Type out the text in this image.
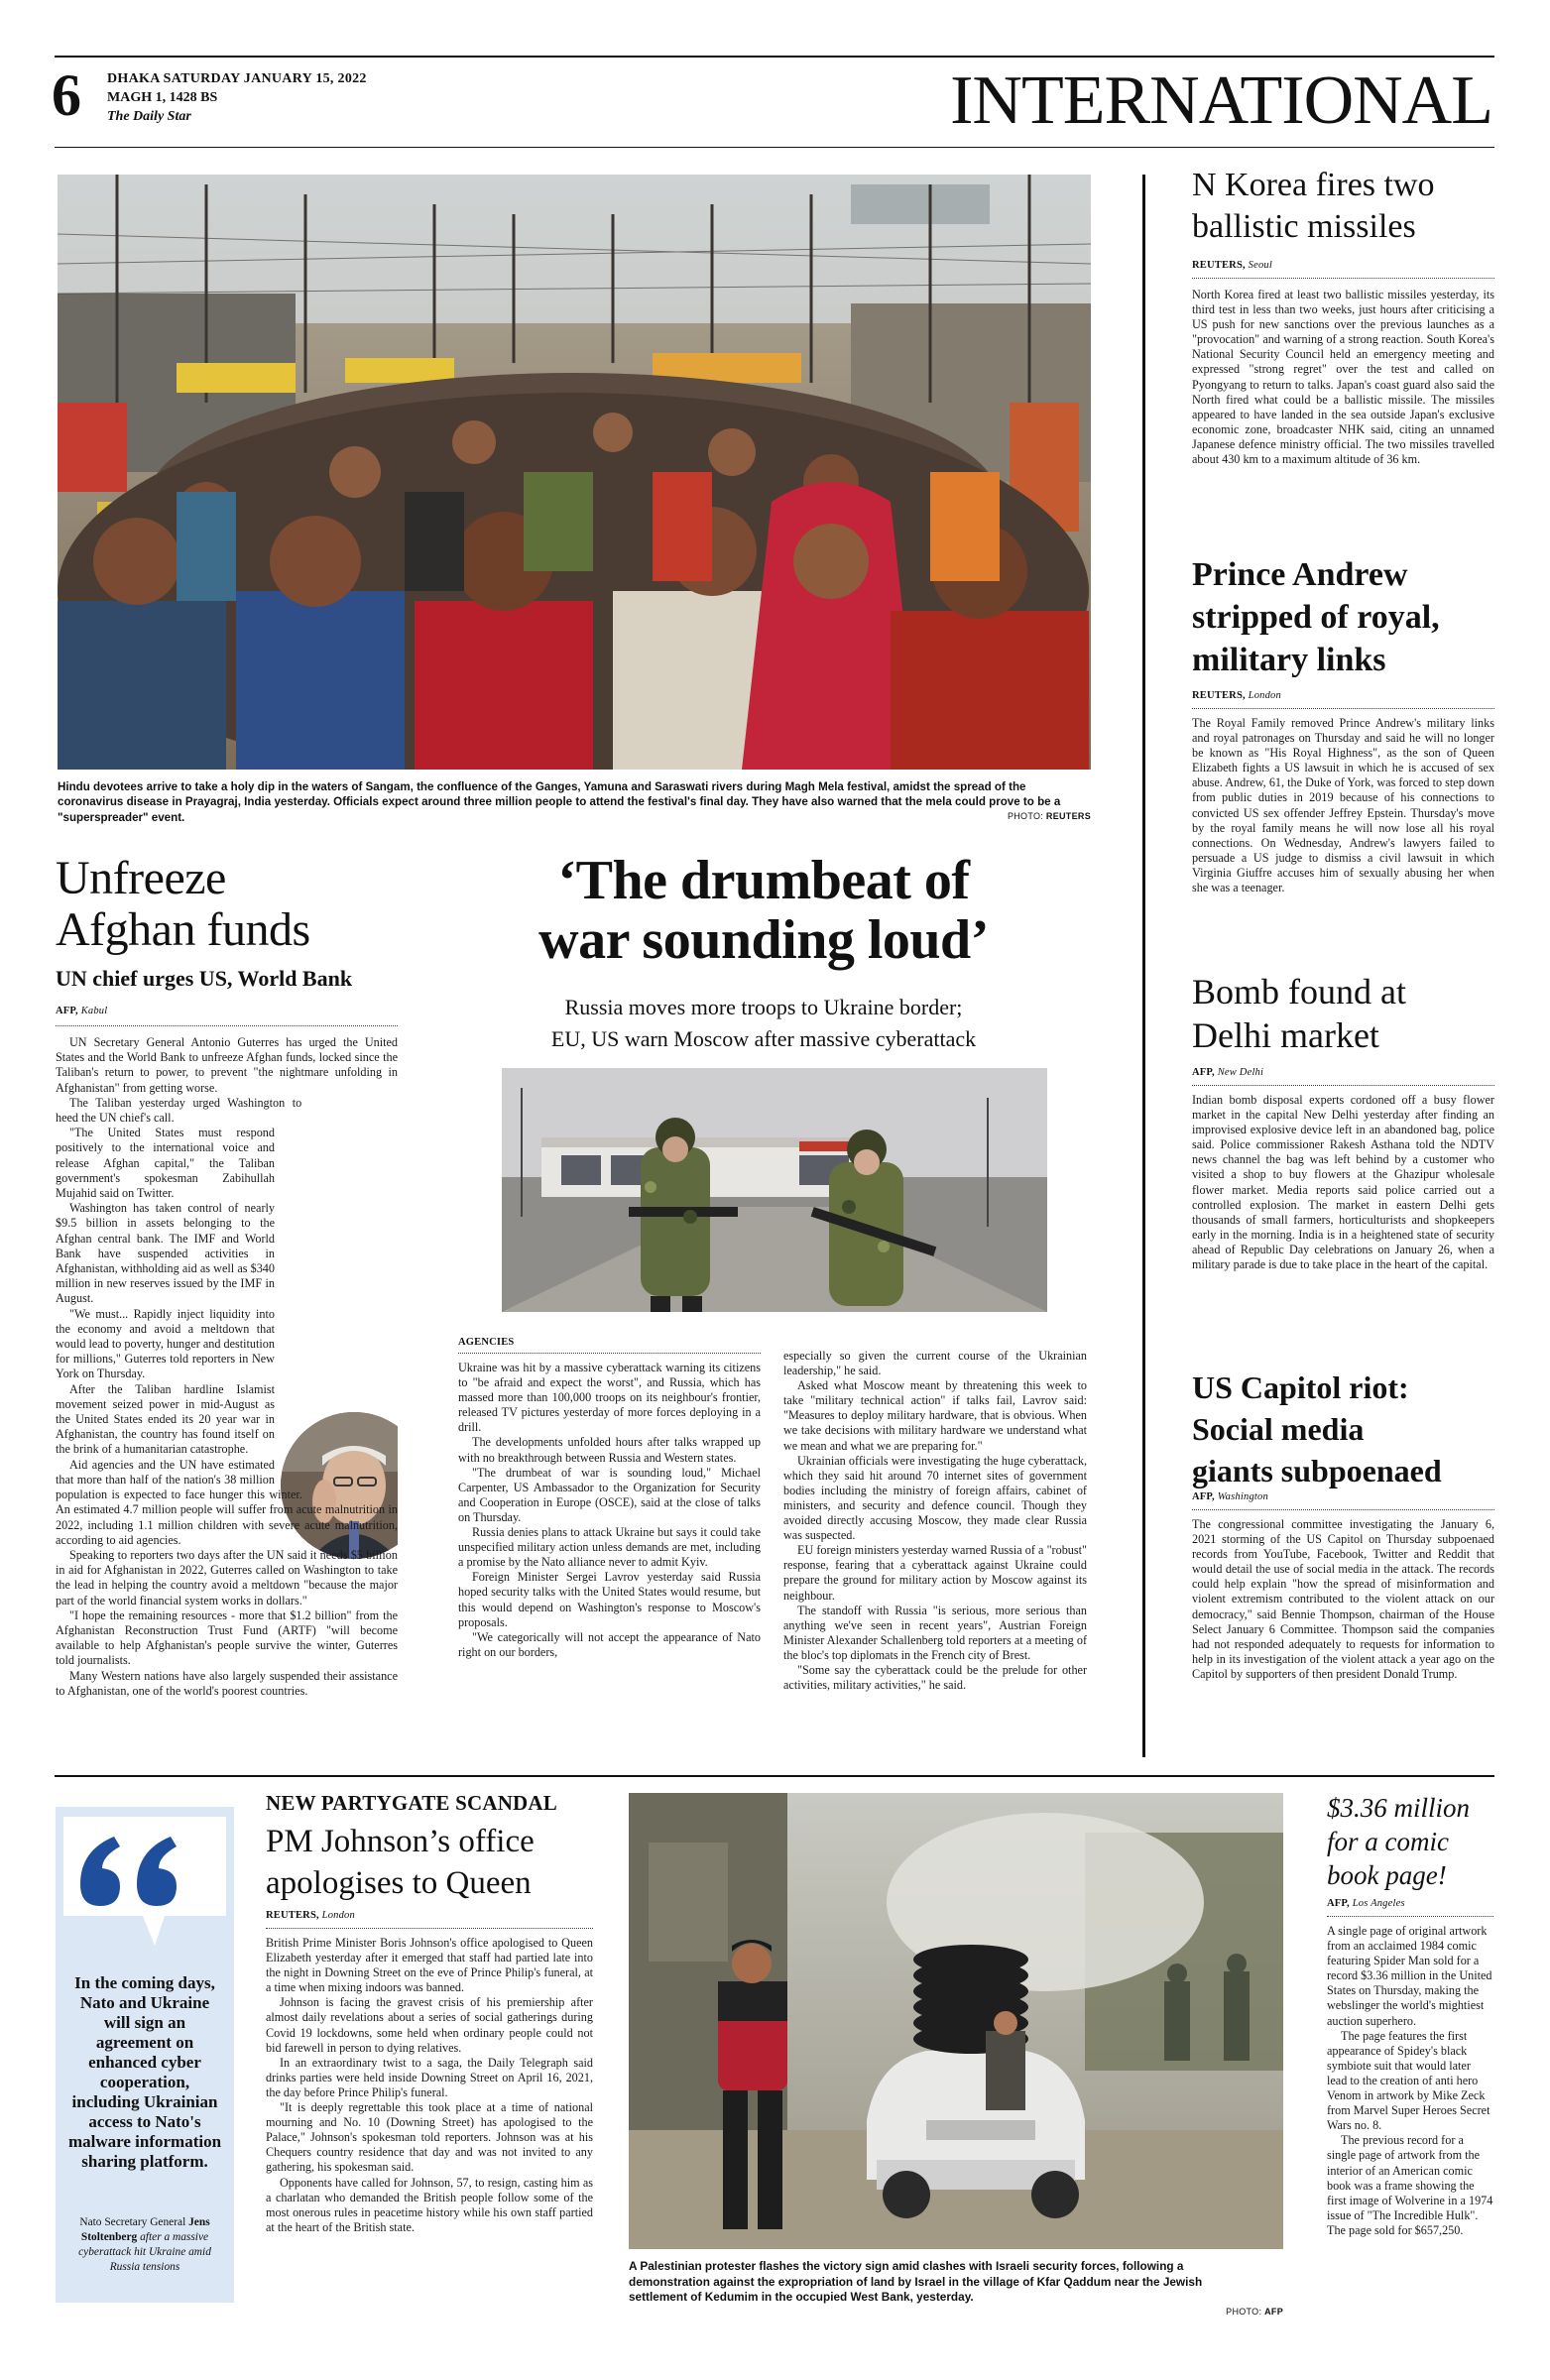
6 DHAKA SATURDAY JANUARY 15, 2022
MAGH 1, 1428 BS
The Daily Star	INTERNATIONAL
Hindu devotees arrive to take a holy dip in the waters of Sangam, the confluence of the Ganges, Yamuna and Saraswati rivers during Magh Mela festival, amidst the spread of the coronavirus disease in Prayagraj, India yesterday. Officials expect around three million people to attend the festival's final day. They have also warned that the mela could prove to be a "superspreader" event.	PHOTO: REUTERS
Unfreeze
Afghan funds
UN chief urges US, World Bank
AFP, Kabul

UN Secretary General Antonio Guterres has urged the United States and the World Bank to unfreeze Afghan funds, locked since the Taliban's return to power, to prevent "the nightmare unfolding in Afghanistan" from getting worse.

The Taliban yesterday urged Washington to heed the UN chief's call.

"The United States must respond positively to the international voice and release Afghan capital," the Taliban government's spokesman Zabihullah Mujahid said on Twitter.

Washington has taken control of nearly $9.5 billion in assets belonging to the Afghan central bank. The IMF and World Bank have suspended activities in Afghanistan, withholding aid as well as $340 million in new reserves issued by the IMF in August.

"We must... Rapidly inject liquidity into the economy and avoid a meltdown that would lead to poverty, hunger and destitution for millions," Guterres told reporters in New York on Thursday.

After the Taliban hardline Islamist movement seized power in mid-August as the United States ended its 20 year war in Afghanistan, the country has found itself on the brink of a humanitarian catastrophe.

Aid agencies and the UN have estimated that more than half of the nation's 38 million population is expected to face hunger this winter. An estimated 4.7 million people will suffer from acute malnutrition in 2022, including 1.1 million children with severe acute malnutrition, according to aid agencies.

Speaking to reporters two days after the UN said it needs $5 billion in aid for Afghanistan in 2022, Guterres called on Washington to take the lead in helping the country avoid a meltdown "because the major part of the world financial system works in dollars."

"I hope the remaining resources - more that $1.2 billion" from the Afghanistan Reconstruction Trust Fund (ARTF) "will become available to help Afghanistan's people survive the winter, Guterres told journalists.

Many Western nations have also largely suspended their assistance to Afghanistan, one of the world's poorest countries.

‘The drumbeat of
war sounding loud’
Russia moves more troops to Ukraine border;
EU, US warn Moscow after massive cyberattack
AGENCIES

Ukraine was hit by a massive cyberattack warning its citizens to "be afraid and expect the worst", and Russia, which has massed more than 100,000 troops on its neighbour's frontier, released TV pictures yesterday of more forces deploying in a drill.

The developments unfolded hours after talks wrapped up with no breakthrough between Russia and Western states.

"The drumbeat of war is sounding loud," Michael Carpenter, US Ambassador to the Organization for Security and Cooperation in Europe (OSCE), said at the close of talks on Thursday.

Russia denies plans to attack Ukraine but says it could take unspecified military action unless demands are met, including a promise by the Nato alliance never to admit Kyiv.

Foreign Minister Sergei Lavrov yesterday said Russia hoped security talks with the United States would resume, but this would depend on Washington's response to Moscow's proposals.

"We categorically will not accept the appearance of Nato right on our borders,

especially so given the current course of the Ukrainian leadership," he said.

Asked what Moscow meant by threatening this week to take "military technical action" if talks fail, Lavrov said: "Measures to deploy military hardware, that is obvious. When we take decisions with military hardware we understand what we mean and what we are preparing for."

Ukrainian officials were investigating the huge cyberattack, which they said hit around 70 internet sites of government bodies including the ministry of foreign affairs, cabinet of ministers, and security and defence council. Though they avoided directly accusing Moscow, they made clear Russia was suspected.

EU foreign ministers yesterday warned Russia of a "robust" response, fearing that a cyberattack against Ukraine could prepare the ground for military action by Moscow against its neighbour.

The standoff with Russia "is serious, more serious than anything we've seen in recent years", Austrian Foreign Minister Alexander Schallenberg told reporters at a meeting of the bloc's top diplomats in the French city of Brest.

"Some say the cyberattack could be the prelude for other activities, military activities," he said.

N Korea fires two
ballistic missiles
REUTERS, Seoul
North Korea fired at least two ballistic missiles yesterday, its third test in less than two weeks, just hours after criticising a US push for new sanctions over the previous launches as a "provocation" and warning of a strong reaction. South Korea's National Security Council held an emergency meeting and expressed "strong regret" over the test and called on Pyongyang to return to talks. Japan's coast guard also said the North fired what could be a ballistic missile. The missiles appeared to have landed in the sea outside Japan's exclusive economic zone, broadcaster NHK said, citing an unnamed Japanese defence ministry official. The two missiles travelled about 430 km to a maximum altitude of 36 km.
Prince Andrew
stripped of royal,
military links
REUTERS, London
The Royal Family removed Prince Andrew's military links and royal patronages on Thursday and said he will no longer be known as "His Royal Highness", as the son of Queen Elizabeth fights a US lawsuit in which he is accused of sex abuse. Andrew, 61, the Duke of York, was forced to step down from public duties in 2019 because of his connections to convicted US sex offender Jeffrey Epstein. Thursday's move by the royal family means he will now lose all his royal connections. On Wednesday, Andrew's lawyers failed to persuade a US judge to dismiss a civil lawsuit in which Virginia Giuffre accuses him of sexually abusing her when she was a teenager.
Bomb found at
Delhi market
AFP, New Delhi
Indian bomb disposal experts cordoned off a busy flower market in the capital New Delhi yesterday after finding an improvised explosive device left in an abandoned bag, police said. Police commissioner Rakesh Asthana told the NDTV news channel the bag was left behind by a customer who visited a shop to buy flowers at the Ghazipur wholesale flower market. Media reports said police carried out a controlled explosion. The market in eastern Delhi gets thousands of small farmers, horticulturists and shopkeepers early in the morning. India is in a heightened state of security ahead of Republic Day celebrations on January 26, when a military parade is due to take place in the heart of the capital.
US Capitol riot:
Social media
giants subpoenaed
AFP, Washington
The congressional committee investigating the January 6, 2021 storming of the US Capitol on Thursday subpoenaed records from YouTube, Facebook, Twitter and Reddit that would detail the use of social media in the attack. The records could help explain "how the spread of misinformation and violent extremism contributed to the violent attack on our democracy," said Bennie Thompson, chairman of the House Select January 6 Committee. Thompson said the companies had not responded adequately to requests for information to help in its investigation of the violent attack a year ago on the Capitol by supporters of then president Donald Trump.
In the coming days, Nato and Ukraine will sign an agreement on enhanced cyber cooperation, including Ukrainian access to Nato's malware information sharing platform.
Nato Secretary General Jens Stoltenberg after a massive cyberattack hit Ukraine amid Russia tensions
NEW PARTYGATE SCANDAL
PM Johnson’s office
apologises to Queen
REUTERS, London

British Prime Minister Boris Johnson's office apologised to Queen Elizabeth yesterday after it emerged that staff had partied late into the night in Downing Street on the eve of Prince Philip's funeral, at a time when mixing indoors was banned.

Johnson is facing the gravest crisis of his premiership after almost daily revelations about a series of social gatherings during Covid 19 lockdowns, some held when ordinary people could not bid farewell in person to dying relatives.

In an extraordinary twist to a saga, the Daily Telegraph said drinks parties were held inside Downing Street on April 16, 2021, the day before Prince Philip's funeral.

"It is deeply regrettable this took place at a time of national mourning and No. 10 (Downing Street) has apologised to the Palace," Johnson's spokesman told reporters. Johnson was at his Chequers country residence that day and was not invited to any gathering, his spokesman said.

Opponents have called for Johnson, 57, to resign, casting him as a charlatan who demanded the British people follow some of the most onerous rules in peacetime history while his own staff partied at the heart of the British state.

A Palestinian protester flashes the victory sign amid clashes with Israeli security forces, following a demonstration against the expropriation of land by Israel in the village of Kfar Qaddum near the Jewish settlement of Kedumim in the occupied West Bank, yesterday.
PHOTO: AFP
$3.36 million
for a comic
book page!
AFP, Los Angeles

A single page of original artwork from an acclaimed 1984 comic featuring Spider Man sold for a record $3.36 million in the United States on Thursday, making the webslinger the world's mightiest auction superhero.

The page features the first appearance of Spidey's black symbiote suit that would later lead to the creation of anti hero Venom in artwork by Mike Zeck from Marvel Super Heroes Secret Wars no. 8.

The previous record for a single page of artwork from the interior of an American comic book was a frame showing the first image of Wolverine in a 1974 issue of "The Incredible Hulk". The page sold for $657,250.
